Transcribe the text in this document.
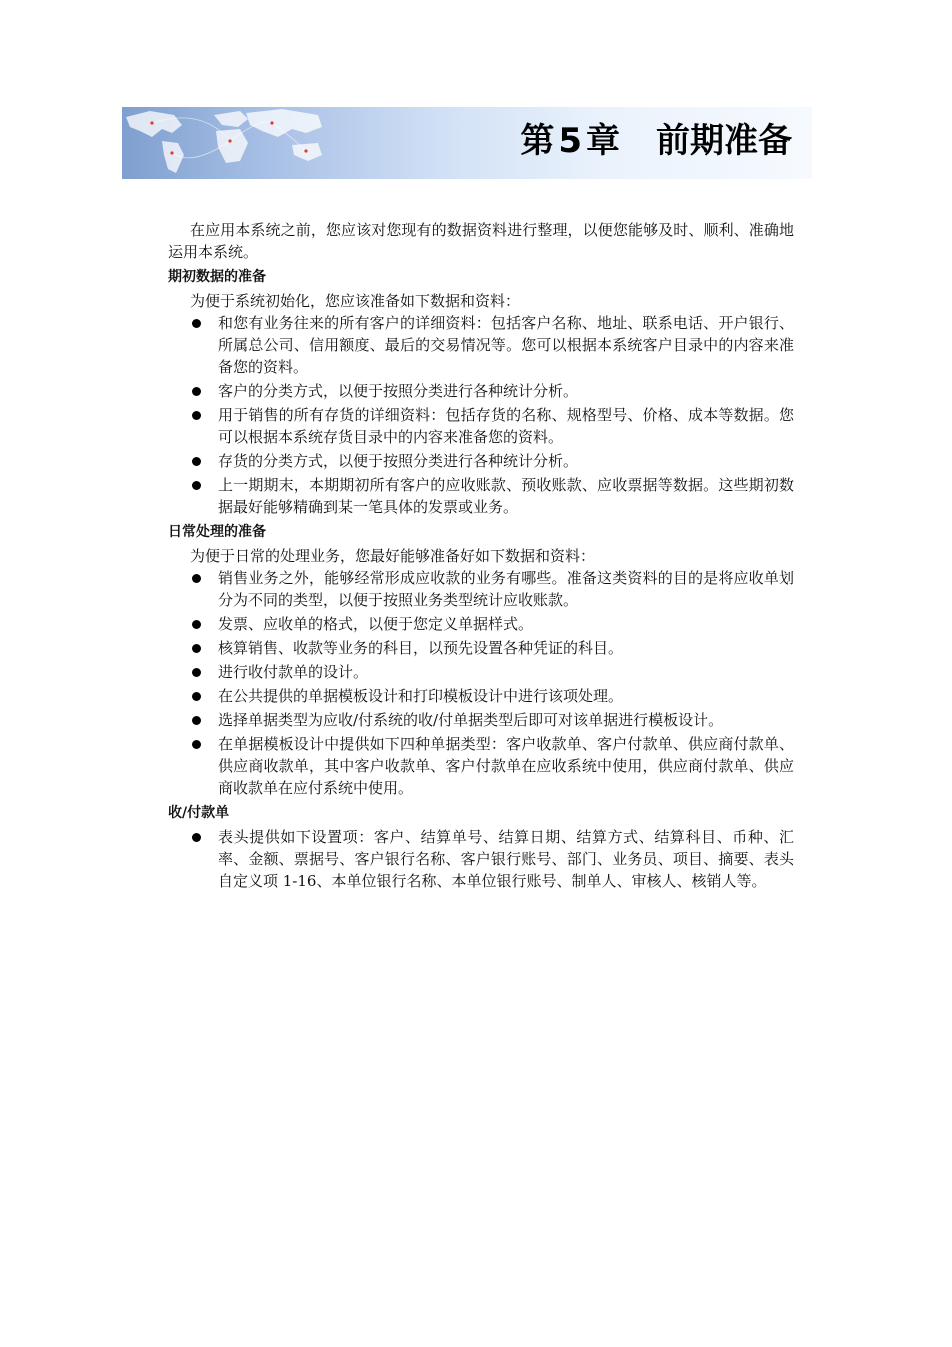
第 5 章 前期准备

在应用本系统之前，您应该对您现有的数据资料进行整理，以便您能够及时、顺利、准确地运用本系统。

期初数据的准备

为便于系统初始化，您应该准备如下数据和资料：

和您有业务往来的所有客户的详细资料：包括客户名称、地址、联系电话、开户银行、所属总公司、信用额度、最后的交易情况等。您可以根据本系统客户目录中的内容来准备您的资料。
客户的分类方式，以便于按照分类进行各种统计分析。
用于销售的所有存货的详细资料：包括存货的名称、规格型号、价格、成本等数据。您可以根据本系统存货目录中的内容来准备您的资料。
存货的分类方式，以便于按照分类进行各种统计分析。
上一期期末，本期期初所有客户的应收账款、预收账款、应收票据等数据。这些期初数据最好能够精确到某一笔具体的发票或业务。
日常处理的准备

为便于日常的处理业务，您最好能够准备好如下数据和资料：

销售业务之外，能够经常形成应收款的业务有哪些。准备这类资料的目的是将应收单划分为不同的类型，以便于按照业务类型统计应收账款。
发票、应收单的格式，以便于您定义单据样式。
核算销售、收款等业务的科目，以预先设置各种凭证的科目。
进行收付款单的设计。
在公共提供的单据模板设计和打印模板设计中进行该项处理。
选择单据类型为应收/付系统的收/付单据类型后即可对该单据进行模板设计。
在单据模板设计中提供如下四种单据类型：客户收款单、客户付款单、供应商付款单、供应商收款单，其中客户收款单、客户付款单在应收系统中使用，供应商付款单、供应商收款单在应付系统中使用。
收/付款单
表头提供如下设置项：客户、结算单号、结算日期、结算方式、结算科目、币种、汇率、金额、票据号、客户银行名称、客户银行账号、部门、业务员、项目、摘要、表头自定义项 1-16、本单位银行名称、本单位银行账号、制单人、审核人、核销人等。
